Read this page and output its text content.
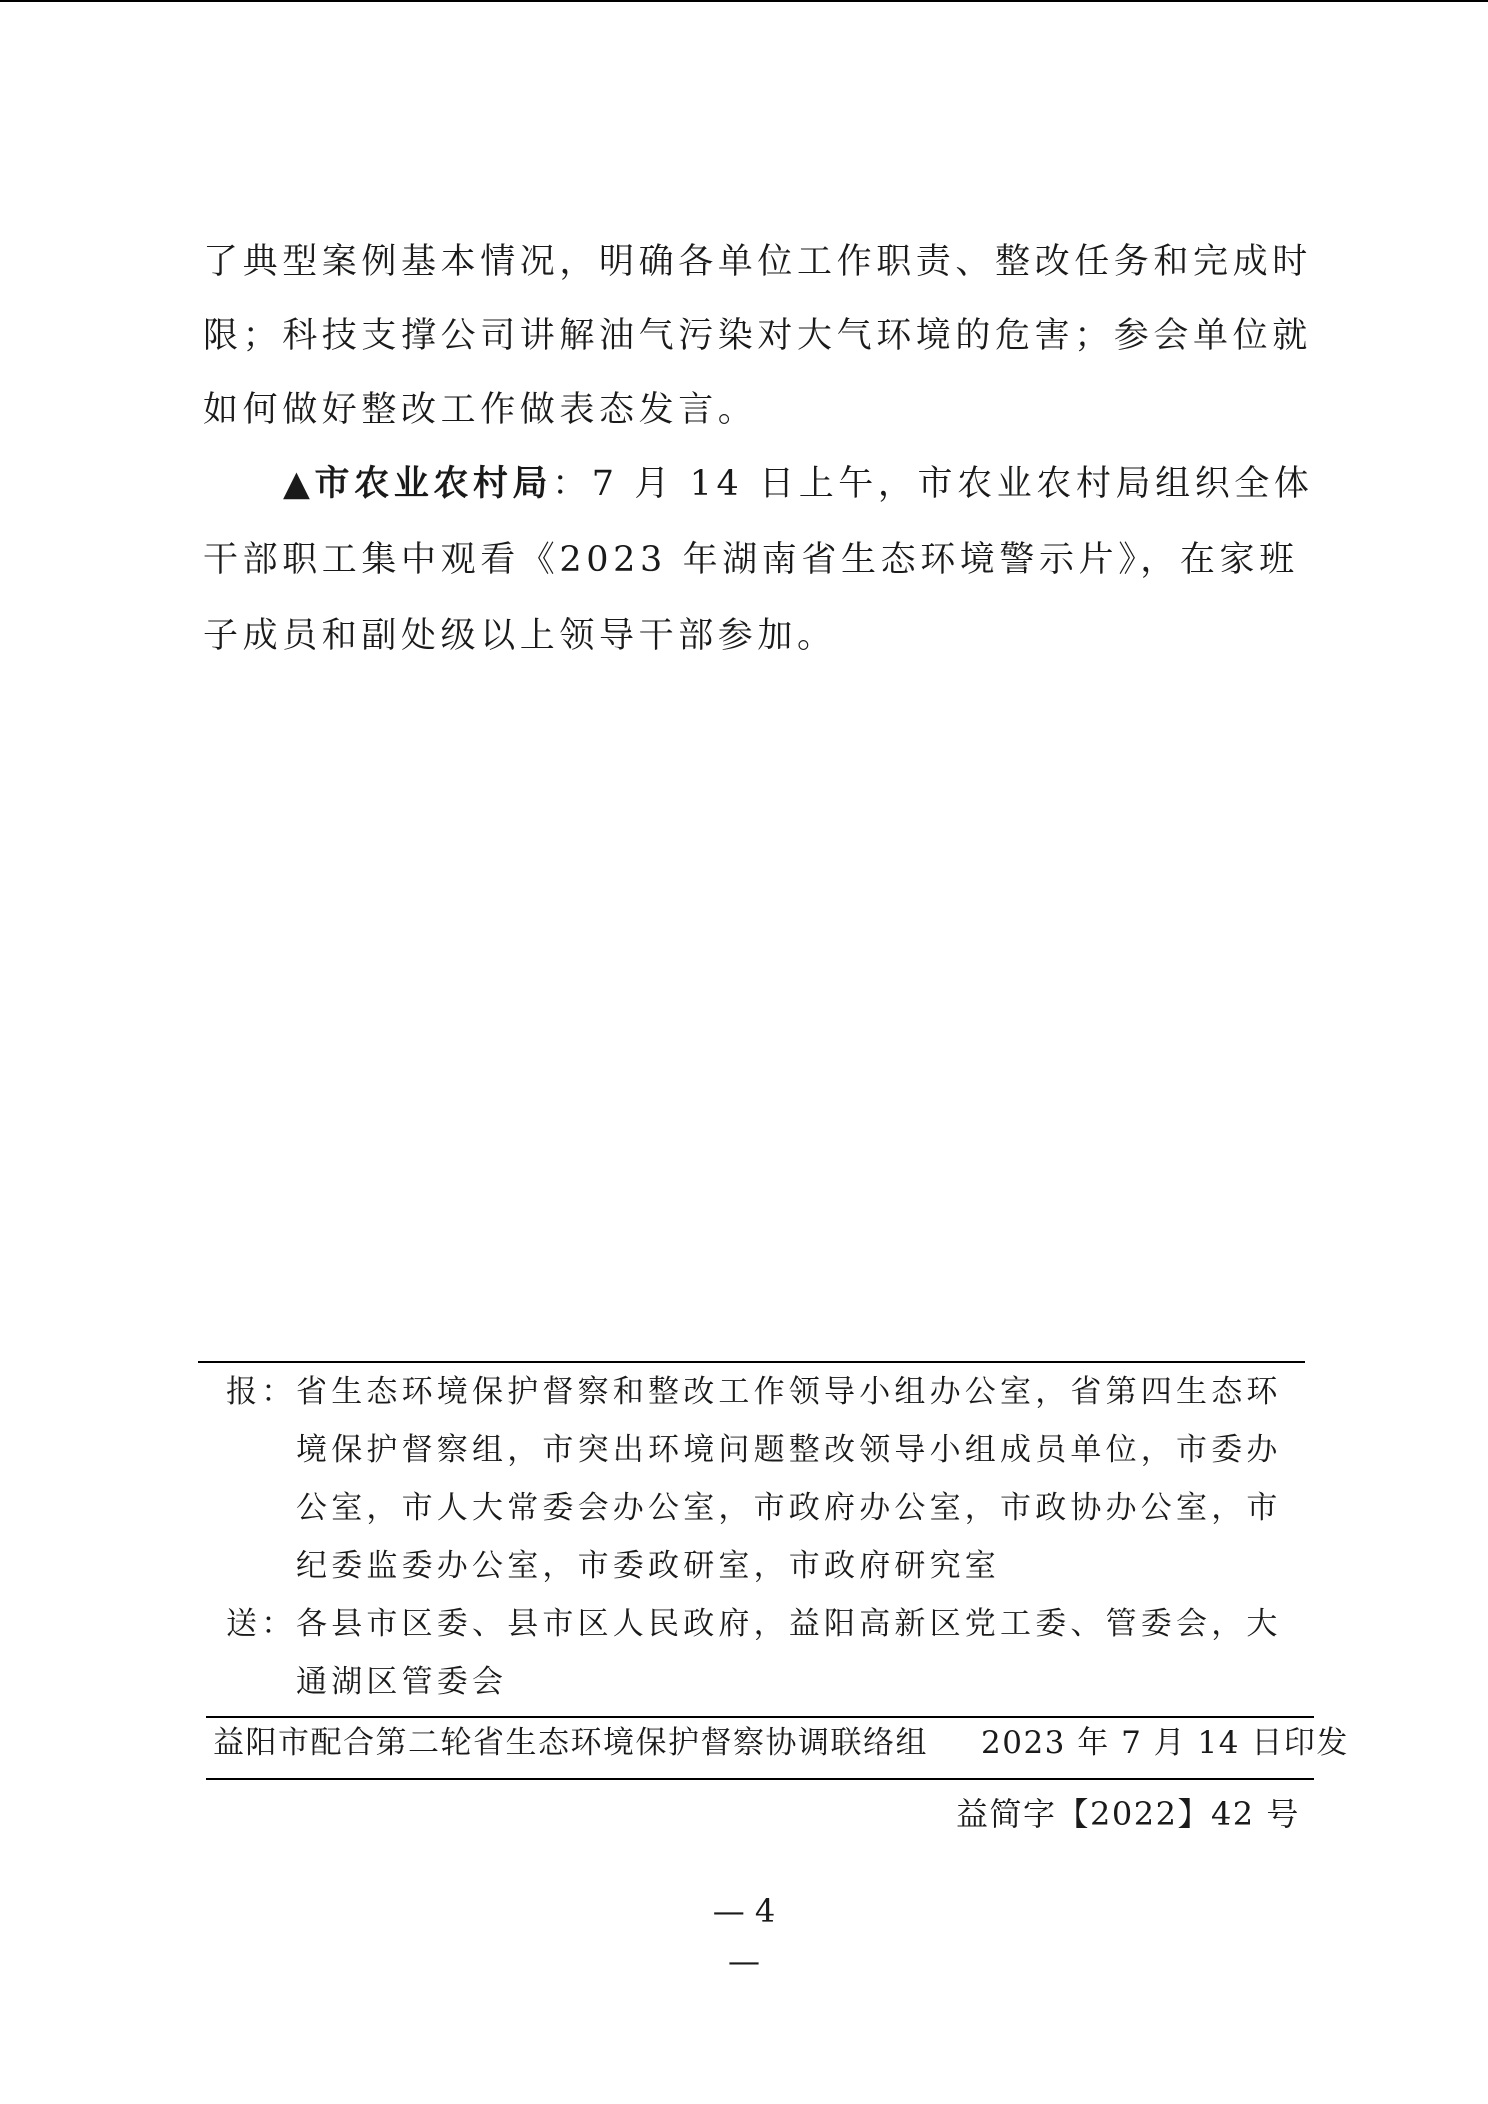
了典型案例基本情况，明确各单位工作职责、整改任务和完成时
限；科技支撑公司讲解油气污染对大气环境的危害；参会单位就
如何做好整改工作做表态发言。
▲市农业农村局：7 月 14 日上午，市农业农村局组织全体
干部职工集中观看《2023 年湖南省生态环境警示片》，在家班
子成员和副处级以上领导干部参加。
报： 省生态环境保护督察和整改工作领导小组办公室，省第四生态环
境保护督察组，市突出环境问题整改领导小组成员单位，市委办
公室，市人大常委会办公室，市政府办公室，市政协办公室，市
纪委监委办公室，市委政研室，市政府研究室
送： 各县市区委、县市区人民政府，益阳高新区党工委、管委会，大
通湖区管委会
益阳市配合第二轮省生态环境保护督察协调联络组 2023 年 7 月 14 日印发
益简字【2022】42 号
— 4 —
